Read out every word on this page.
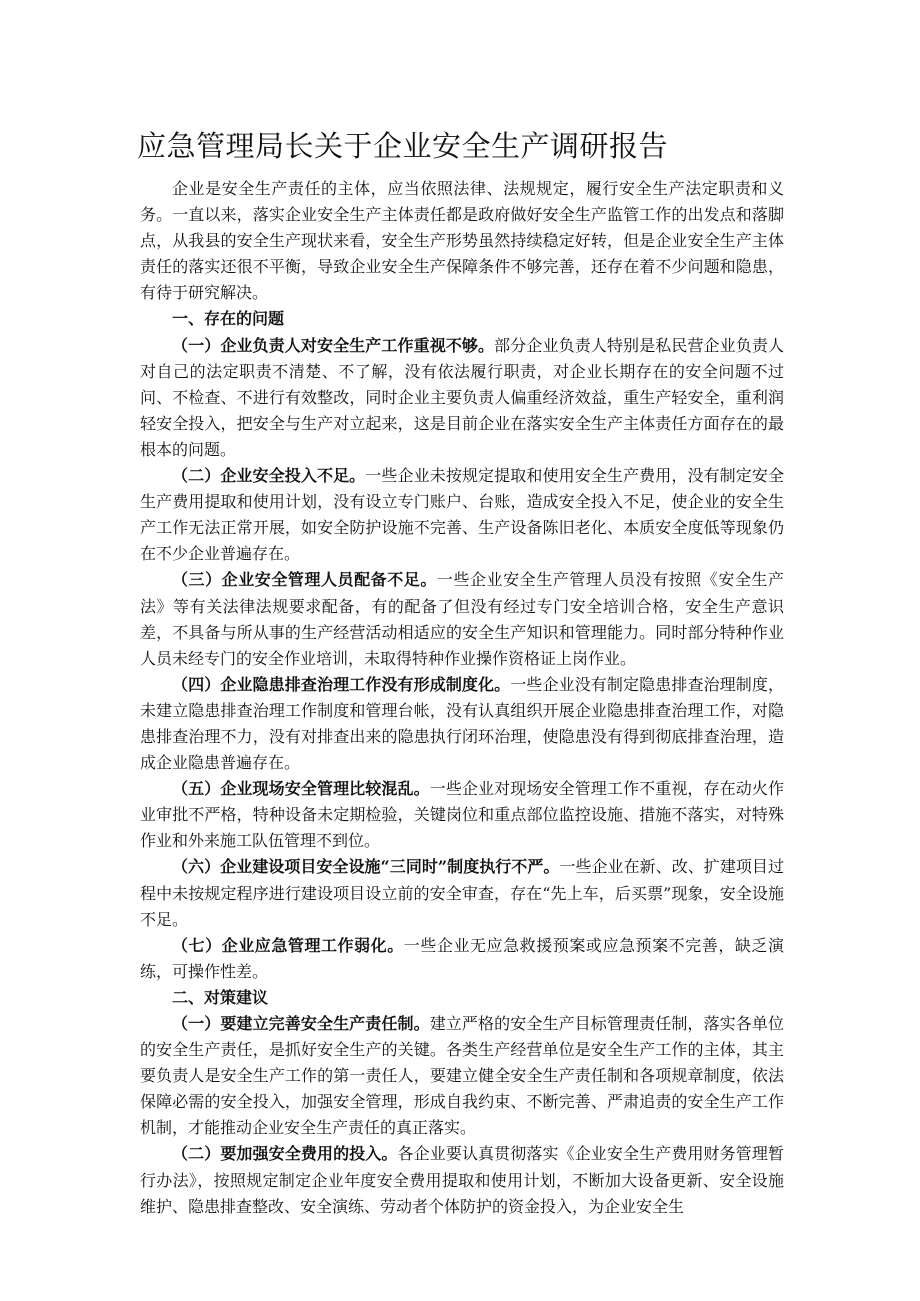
应急管理局长关于企业安全生产调研报告

企业是安全生产责任的主体，应当依照法律、法规规定，履行安全生产法定职责和义务。一直以来，落实企业安全生产主体责任都是政府做好安全生产监管工作的出发点和落脚点，从我县的安全生产现状来看，安全生产形势虽然持续稳定好转，但是企业安全生产主体责任的落实还很不平衡，导致企业安全生产保障条件不够完善，还存在着不少问题和隐患，有待于研究解决。

一、存在的问题

（一）企业负责人对安全生产工作重视不够。部分企业负责人特别是私民营企业负责人对自己的法定职责不清楚、不了解，没有依法履行职责，对企业长期存在的安全问题不过问、不检查、不进行有效整改，同时企业主要负责人偏重经济效益，重生产轻安全，重利润轻安全投入，把安全与生产对立起来，这是目前企业在落实安全生产主体责任方面存在的最根本的问题。

（二）企业安全投入不足。一些企业未按规定提取和使用安全生产费用，没有制定安全生产费用提取和使用计划，没有设立专门账户、台账，造成安全投入不足，使企业的安全生产工作无法正常开展，如安全防护设施不完善、生产设备陈旧老化、本质安全度低等现象仍在不少企业普遍存在。

（三）企业安全管理人员配备不足。一些企业安全生产管理人员没有按照《安全生产法》等有关法律法规要求配备，有的配备了但没有经过专门安全培训合格，安全生产意识差，不具备与所从事的生产经营活动相适应的安全生产知识和管理能力。同时部分特种作业人员未经专门的安全作业培训，未取得特种作业操作资格证上岗作业。

（四）企业隐患排查治理工作没有形成制度化。一些企业没有制定隐患排查治理制度，未建立隐患排查治理工作制度和管理台帐，没有认真组织开展企业隐患排查治理工作，对隐患排查治理不力，没有对排查出来的隐患执行闭环治理，使隐患没有得到彻底排查治理，造成企业隐患普遍存在。

（五）企业现场安全管理比较混乱。一些企业对现场安全管理工作不重视，存在动火作业审批不严格，特种设备未定期检验，关键岗位和重点部位监控设施、措施不落实，对特殊作业和外来施工队伍管理不到位。

（六）企业建设项目安全设施“三同时”制度执行不严。一些企业在新、改、扩建项目过程中未按规定程序进行建设项目设立前的安全审查，存在“先上车，后买票”现象，安全设施不足。

（七）企业应急管理工作弱化。一些企业无应急救援预案或应急预案不完善，缺乏演练，可操作性差。

二、对策建议

（一）要建立完善安全生产责任制。建立严格的安全生产目标管理责任制，落实各单位的安全生产责任，是抓好安全生产的关键。各类生产经营单位是安全生产工作的主体，其主要负责人是安全生产工作的第一责任人，要建立健全安全生产责任制和各项规章制度，依法保障必需的安全投入，加强安全管理，形成自我约束、不断完善、严肃追责的安全生产工作机制，才能推动企业安全生产责任的真正落实。

（二）要加强安全费用的投入。各企业要认真贯彻落实《企业安全生产费用财务管理暂行办法》，按照规定制定企业年度安全费用提取和使用计划，不断加大设备更新、安全设施维护、隐患排查整改、安全演练、劳动者个体防护的资金投入，为企业安全生
